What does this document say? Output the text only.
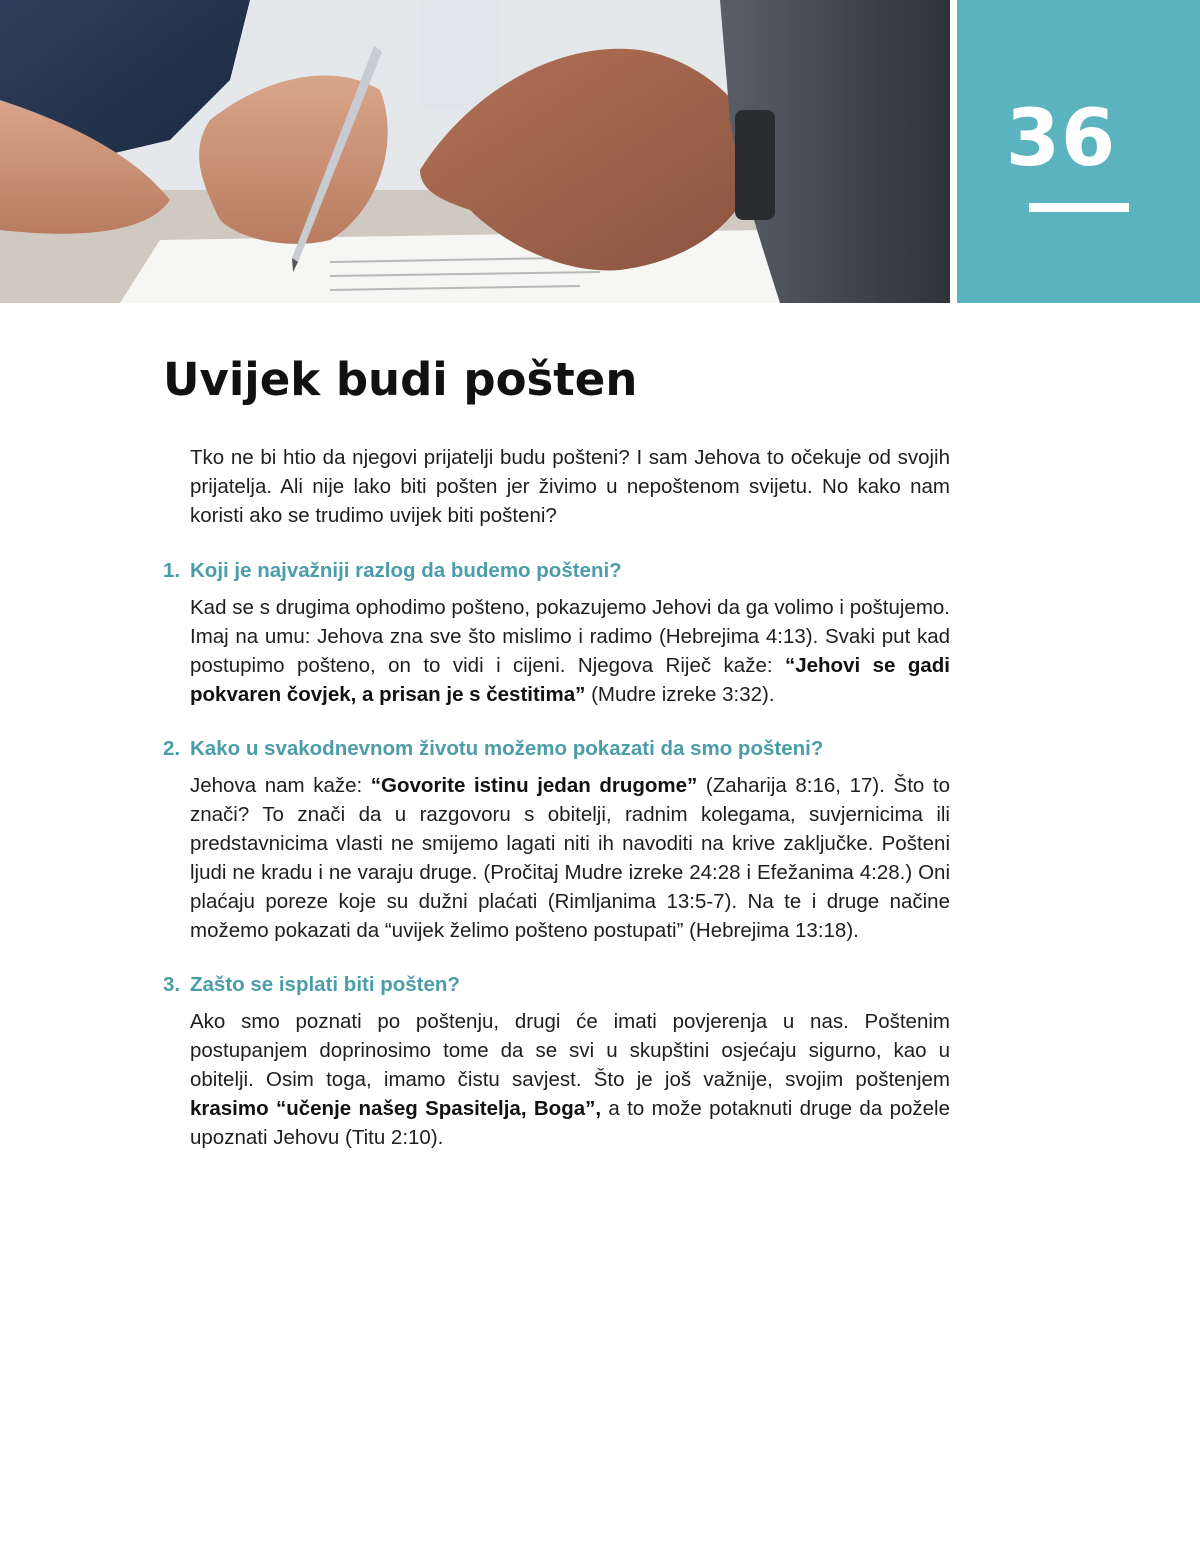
36
Uvijek budi pošten

Tko ne bi htio da njegovi prijatelji budu pošteni? I sam Jehova to očekuje od svojih prijatelja. Ali nije lako biti pošten jer živimo u nepoštenom svijetu. No kako nam koristi ako se trudimo uvijek biti pošteni?

1. Koji je najvažniji razlog da budemo pošteni?

Kad se s drugima ophodimo pošteno, pokazujemo Jehovi da ga volimo i poštujemo. Imaj na umu: Jehova zna sve što mislimo i radimo (Hebrejima 4:13). Svaki put kad postupimo pošteno, on to vidi i cijeni. Njegova Riječ kaže: “Jehovi se gadi pokvaren čovjek, a prisan je s čestitima” (Mudre izreke 3:32).

2. Kako u svakodnevnom životu možemo pokazati da smo pošteni?

Jehova nam kaže: “Govorite istinu jedan drugome” (Zaharija 8:16, 17). Što to znači? To znači da u razgovoru s obitelji, radnim kolegama, suvjernicima ili predstavnicima vlasti ne smijemo lagati niti ih navoditi na krive zaključke. Pošteni ljudi ne kradu i ne varaju druge. (Pročitaj Mudre izreke 24:28 i Efežanima 4:28.) Oni plaćaju poreze koje su dužni plaćati (Rimljanima 13:5-7). Na te i druge načine možemo pokazati da “uvijek želimo pošteno postupati” (Hebrejima 13:18).

3. Zašto se isplati biti pošten?

Ako smo poznati po poštenju, drugi će imati povjerenja u nas. Poštenim postupanjem doprinosimo tome da se svi u skupštini osjećaju sigurno, kao u obitelji. Osim toga, imamo čistu savjest. Što je još važnije, svojim poštenjem krasimo “učenje našeg Spasitelja, Boga”, a to može potaknuti druge da požele upoznati Jehovu (Titu 2:10).
